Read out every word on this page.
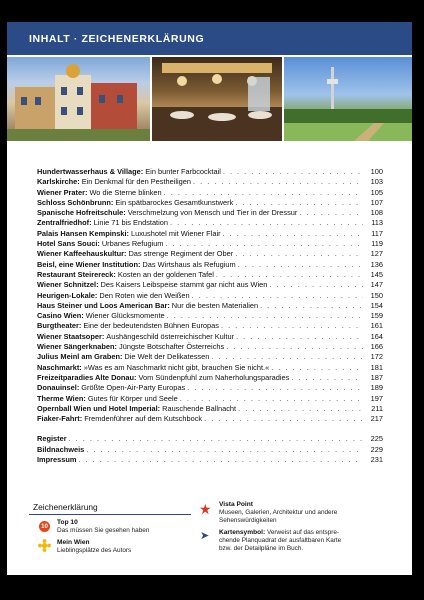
INHALT · ZEICHENERKLÄRUNG
Hundertwasserhaus & Village: Ein bunter Farbcocktail . . .	100
Karlskirche: Ein Denkmal für den Pestheiligen . . .	103
Wiener Prater: Wo die Sterne blinken . . .	105
Schloss Schönbrunn: Ein spätbarockes Gesamtkunstwerk . . .	107
Spanische Hofreitschule: Verschmelzung von Mensch und Tier in der Dressur . . .	108
Zentralfriedhof: Linie 71 bis Endstation . . .	113
Palais Hansen Kempinski: Luxushotel mit Wiener Flair . . .	117
Hotel Sans Souci: Urbanes Refugium . . .	119
Wiener Kaffeehauskultur: Das strenge Regiment der Ober . . .	127
Beisl, eine Wiener Institution: Das Wirtshaus als Refugium . . .	136
Restaurant Steirereck: Kosten an der goldenen Tafel . . .	145
Wiener Schnitzel: Des Kaisers Leibspeise stammt gar nicht aus Wien . . .	147
Heurigen-Lokale: Den Roten wie den Weißen . . .	150
Haus Steiner und Loos American Bar: Nur die besten Materialien . . .	154
Casino Wien: Wiener Glücksmomente . . .	159
Burgtheater: Eine der bedeutendsten Bühnen Europas . . .	161
Wiener Staatsoper: Aushängeschild österreichischer Kultur . . .	164
Wiener Sängerknaben: Jüngste Botschafter Österreichs . . .	166
Julius Meinl am Graben: Die Welt der Delikatessen . . .	172
Naschmarkt: »Was es am Naschmarkt nicht gibt, brauchen Sie nicht.« . . .	181
Freizeitparadies Alte Donau: Vom Sündenpfuhl zum Naherholungsparadies . . .	187
Donauinsel: Größte Open-Air-Party Europas . . .	189
Therme Wien: Gutes für Körper und Seele . . .	197
Opernball Wien und Hotel Imperial: Rauschende Ballnacht . . .	211
Fiaker-Fahrt: Fremdenführer auf dem Kutschbock . . .	217
Register . . .	225
Bildnachweis . . .	229
Impressum . . .	231
Zeichenerklärung
10
Top 10
Das müssen Sie gesehen haben
Mein Wien
Lieblingsplätze des Autors
★ Vista Point
Museen, Galerien, Architektur und andere
Sehenswürdigkeiten
➤ Kartensymbol: Verweist auf das entspre-
chende Planquadrat der ausfaltbaren Karte
bzw. der Detailpläne im Buch.
